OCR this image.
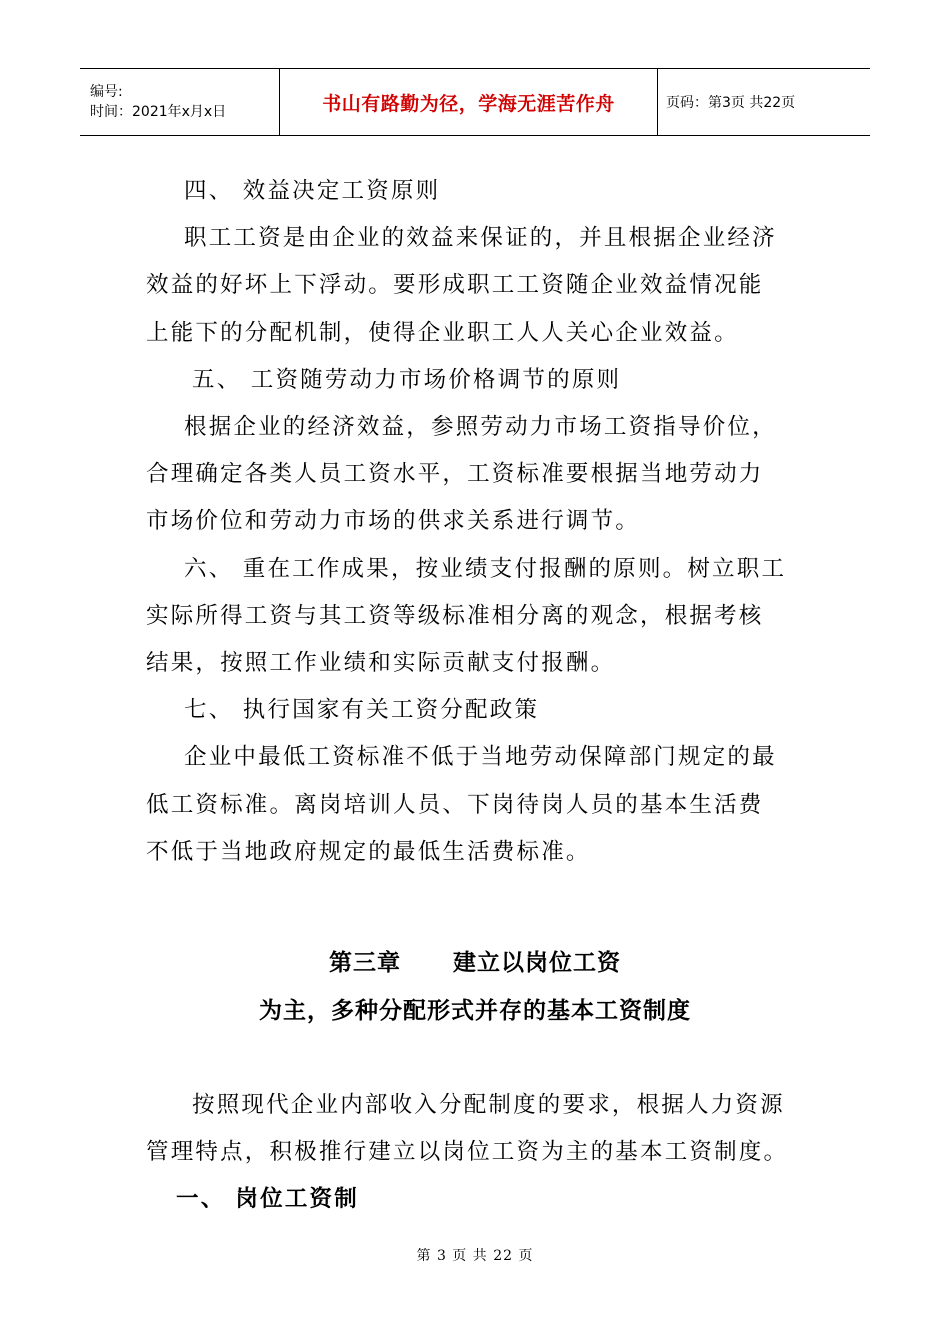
编号:
时间：2021年x月x日	书山有路勤为径，学海无涯苦作舟	页码：第3页 共22页

四、 效益决定工资原则

职工工资是由企业的效益来保证的，并且根据企业经济

效益的好坏上下浮动。要形成职工工资随企业效益情况能

上能下的分配机制，使得企业职工人人关心企业效益。

五、 工资随劳动力市场价格调节的原则

根据企业的经济效益，参照劳动力市场工资指导价位，

合理确定各类人员工资水平，工资标准要根据当地劳动力

市场价位和劳动力市场的供求关系进行调节。

六、 重在工作成果，按业绩支付报酬的原则。树立职工

实际所得工资与其工资等级标准相分离的观念，根据考核

结果，按照工作业绩和实际贡献支付报酬。

七、 执行国家有关工资分配政策

企业中最低工资标准不低于当地劳动保障部门规定的最

低工资标准。离岗培训人员、下岗待岗人员的基本生活费

不低于当地政府规定的最低生活费标准。

第三章 建立以岗位工资
为主，多种分配形式并存的基本工资制度

按照现代企业内部收入分配制度的要求，根据人力资源

管理特点，积极推行建立以岗位工资为主的基本工资制度。

一、 岗位工资制

第 3 页 共 22 页
